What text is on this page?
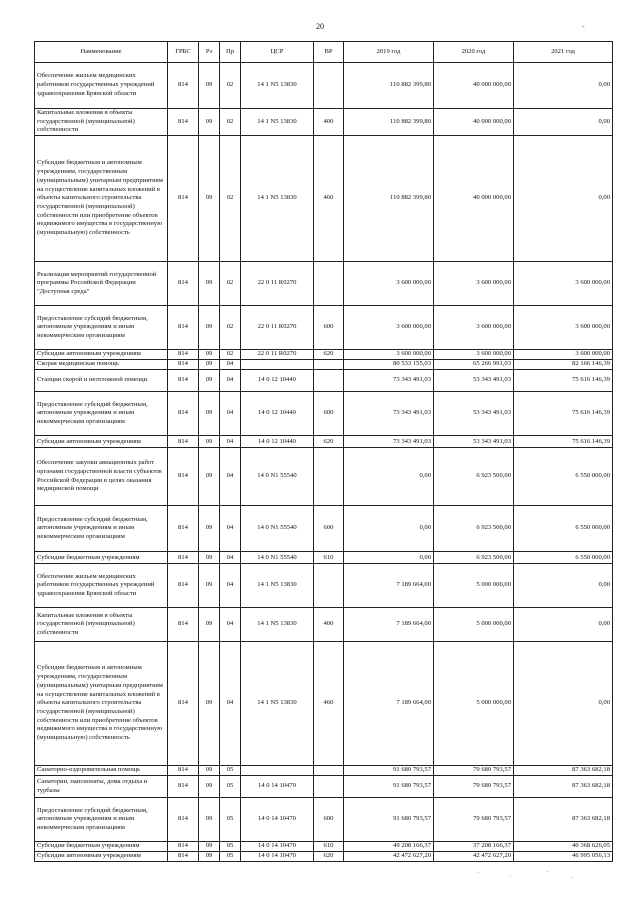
20	-
Наименование	ГРБС	Рз	Пр	ЦСР	ВР	2019 год	2020 год	2021 год
Обеспечение жильем медицинских работников государственных учреждений здравоохранения Брянской области	814	09	02	14 1 N5 13830		110 882 399,80	40 000 000,00	0,00
Капитальные вложения в объекты государственной (муниципальной) собственности	814	09	02	14 1 N5 13830	400	110 882 399,80	40 000 000,00	0,00
Субсидии бюджетным и автономным учреждениям, государственным (муниципальным) унитарным предприятиям на осуществление капитальных вложений в объекты капитального строительства государственной (муниципальной) собственности или приобретение объектов недвижимого имущества в государственную (муниципальную) собственность	814	09	02	14 1 N5 13830	460	110 882 399,80	40 000 000,00	0,00
Реализация мероприятий государственной программы Российской Федерации "Доступная среда"	814	09	02	22 0 11 R0270		3 600 000,00	3 600 000,00	3 600 000,00
Предоставление субсидий бюджетным, автономным учреждениям и иным некоммерческим организациям	814	09	02	22 0 11 R0270	600	3 600 000,00	3 600 000,00	3 600 000,00
Субсидии автономным учреждениям	814	09	02	22 0 11 R0270	620	3 600 000,00	3 600 000,00	3 600 000,00
Скорая медицинская помощь	814	09	04			80 533 155,03	65 266 991,03	82 166 146,39
Станции скорой и неотложной помощи	814	09	04	14 0 12 10440		73 343 491,03	53 343 491,03	75 616 146,39
Предоставление субсидий бюджетным, автономным учреждениям и иным некоммерческим организациям	814	09	04	14 0 12 10440	600	73 343 491,03	53 343 491,03	75 616 146,39
Субсидии автономным учреждениям	814	09	04	14 0 12 10440	620	73 343 491,03	53 343 491,03	75 616 146,39
Обеспечение закупки авиационных работ органами государственной власти субъектов Российской Федерации в целях оказания медицинской помощи	814	09	04	14 0 N1 55540		0,00	6 923 500,00	6 550 000,00
Предоставление субсидий бюджетным, автономным учреждениям и иным некоммерческим организациям	814	09	04	14 0 N1 55540	600	0,00	6 923 500,00	6 550 000,00
Субсидии бюджетным учреждениям	814	09	04	14 0 N1 55540	610	0,00	6 923 500,00	6 550 000,00
Обеспечение жильем медицинских работников государственных учреждений здравоохранения Брянской области	814	09	04	14 1 N5 13830		7 189 664,00	5 000 000,00	0,00
Капитальные вложения в объекты государственной (муниципальной) собственности	814	09	04	14 1 N5 13830	400	7 189 664,00	5 000 000,00	0,00
Субсидии бюджетным и автономным учреждениям, государственным (муниципальным) унитарным предприятиям на осуществление капитальных вложений в объекты капитального строительства государственной (муниципальной) собственности или приобретение объектов недвижимого имущества в государственную (муниципальную) собственность	814	09	04	14 1 N5 13830	460	7 189 664,00	5 000 000,00	0,00
Санаторно-оздоровительная помощь	814	09	05			91 680 793,57	79 680 793,57	87 363 682,18
Санатории, пансионаты, дома отдыха и турбазы	814	09	05	14 0 14 10470		91 680 793,57	79 680 793,57	87 363 682,18
Предоставление субсидий бюджетным, автономным учреждениям и иным некоммерческим организациям	814	09	05	14 0 14 10470	600	91 680 793,57	79 680 793,57	87 363 682,18
Субсидии бюджетным учреждениям	814	09	05	14 0 14 10470	610	49 208 166,37	37 208 166,37	40 368 626,05
Субсидии автономным учреждениям	814	09	05	14 0 14 10470	620	42 472 627,20	42 472 627,20	46 995 056,13
